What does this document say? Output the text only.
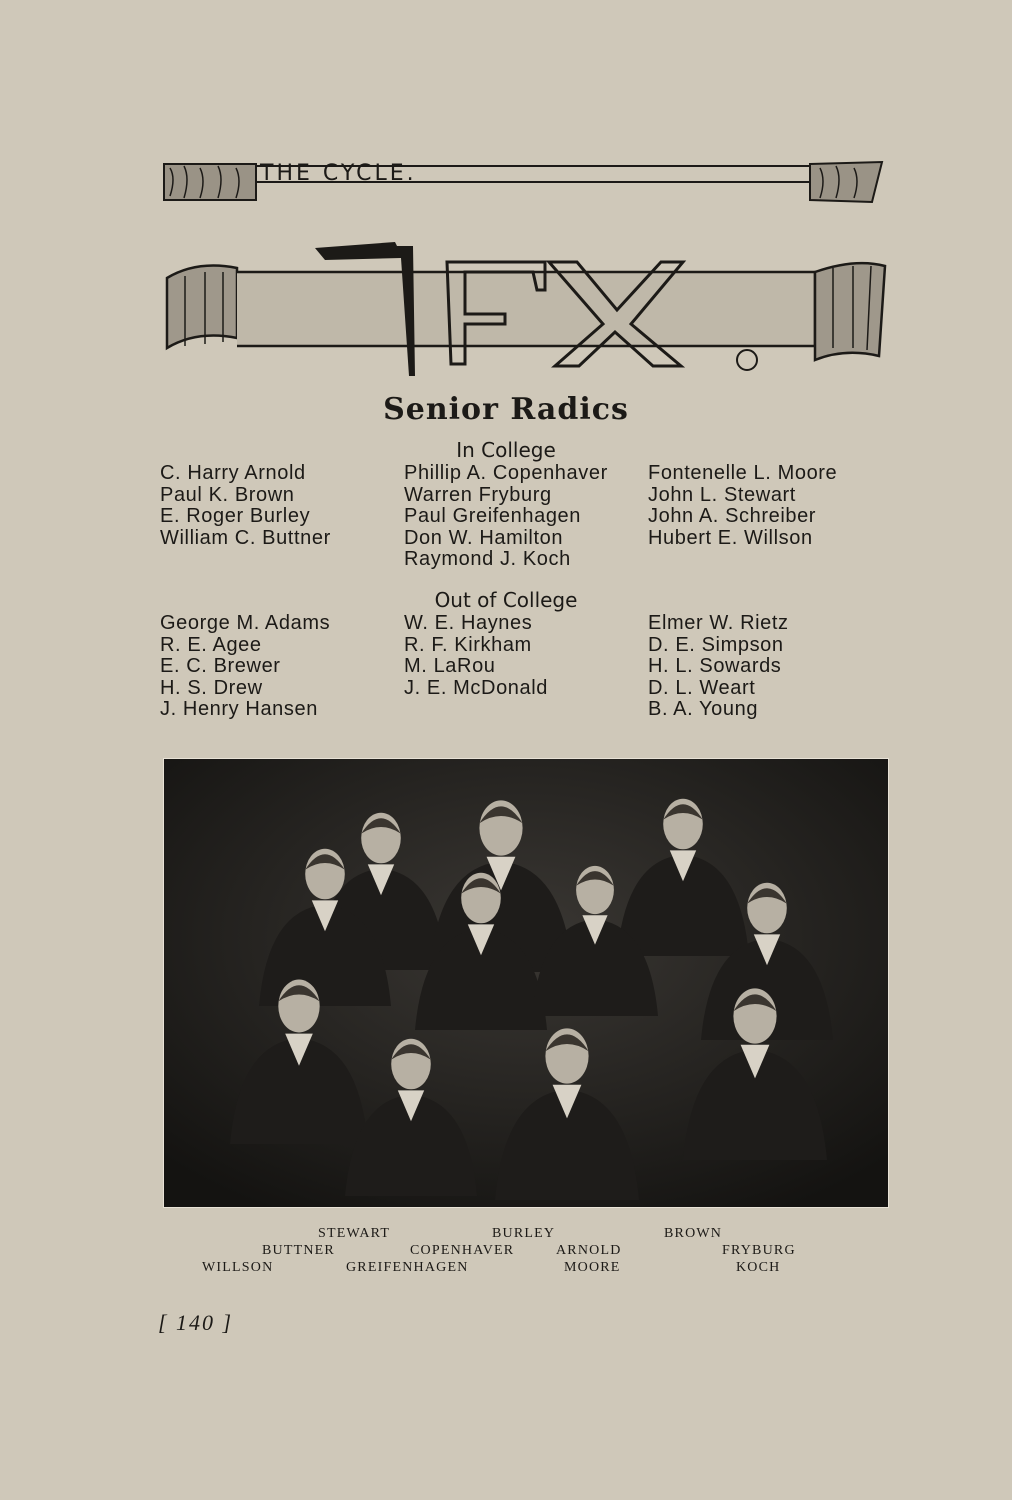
THE CYCLE.
Senior Radics
In College
C. Harry Arnold
Paul K. Brown
E. Roger Burley
William C. Buttner
Phillip A. Copenhaver
Warren Fryburg
Paul Greifenhagen
Don W. Hamilton
Raymond J. Koch
Fontenelle L. Moore
John L. Stewart
John A. Schreiber
Hubert E. Willson
Out of College
George M. Adams
R. E. Agee
E. C. Brewer
H. S. Drew
J. Henry Hansen
W. E. Haynes
R. F. Kirkham
M. LaRou
J. E. McDonald
Elmer W. Rietz
D. E. Simpson
H. L. Sowards
D. L. Weart
B. A. Young
STEWART	BURLEY	BROWN
BUTTNER	COPENHAVER	ARNOLD	FRYBURG
WILLSON	GREIFENHAGEN	MOORE	KOCH
[ 140 ]
